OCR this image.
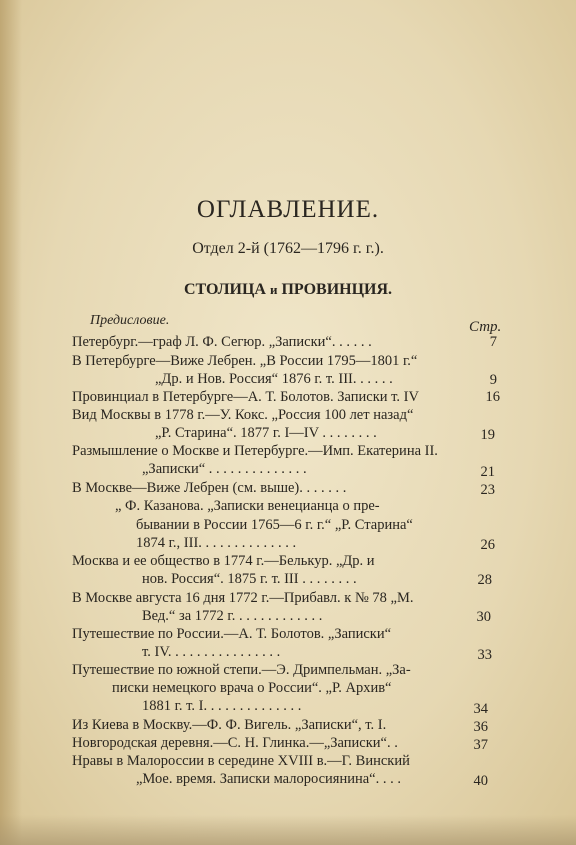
ОГЛАВЛЕНИЕ.
Отдел 2-й (1762—1796 г. г.).
СТОЛИЦА и ПРОВИНЦИЯ.
Предисловие.	Стр.
Петербург.—граф Л. Ф. Сегюр. „Записки“. . . . . .	7
В Петербурге—Виже Лебрен. „В России 1795—1801 г.“
„Др. и Нов. Россия“ 1876 г. т. III. . . . . .	9
Провинциал в Петербурге—А. Т. Болотов. Записки т. IV	16
Вид Москвы в 1778 г.—У. Кокс. „Россия 100 лет назад“
„Р. Старина“. 1877 г. I—IV . . . . . . . .	19
Размышление о Москве и Петербурге.—Имп. Екатерина II.
„Записки“ . . . . . . . . . . . . . .	21
В Москве—Виже Лебрен (см. выше). . . . . . .	23
„ Ф. Казанова. „Записки венецианца о пре-
бывании в России 1765—6 г. г.“ „Р. Старина“
1874 г., III. . . . . . . . . . . . . .	26
Москва и ее общество в 1774 г.—Белькур. „Др. и
нов. Россия“. 1875 г. т. III . . . . . . . .	28
В Москве августа 16 дня 1772 г.—Прибавл. к № 78 „М.
Вед.“ за 1772 г. . . . . . . . . . . . .	30
Путешествие по России.—А. Т. Болотов. „Записки“
т. IV. . . . . . . . . . . . . . . .	33
Путешествие по южной степи.—Э. Дримпельман. „За-
писки немецкого врача о России“. „Р. Архив“
1881 г. т. I. . . . . . . . . . . . . .	34
Из Киева в Москву.—Ф. Ф. Вигель. „Записки“, т. I.	36
Новгородская деревня.—С. Н. Глинка.—„Записки“. .	37
Нравы в Малороссии в середине XVIII в.—Г. Винский
„Мое. время. Записки малоросиянина“. . . .	40
